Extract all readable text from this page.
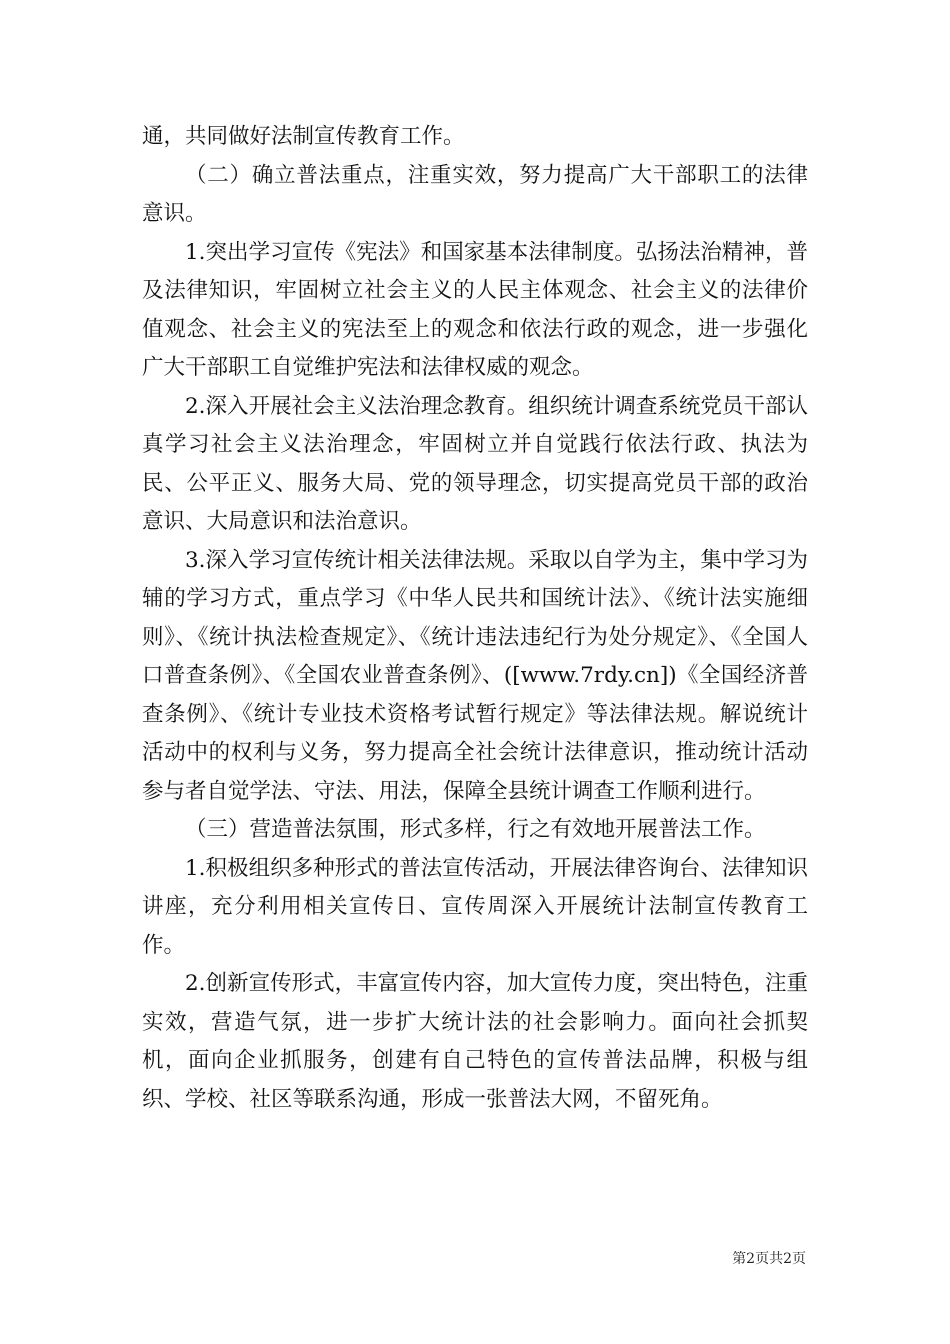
通，共同做好法制宣传教育工作。

（二）确立普法重点，注重实效，努力提高广大干部职工的法律意识。

1.突出学习宣传《宪法》和国家基本法律制度。弘扬法治精神，普及法律知识，牢固树立社会主义的人民主体观念、社会主义的法律价值观念、社会主义的宪法至上的观念和依法行政的观念，进一步强化广大干部职工自觉维护宪法和法律权威的观念。

2.深入开展社会主义法治理念教育。组织统计调查系统党员干部认真学习社会主义法治理念，牢固树立并自觉践行依法行政、执法为民、公平正义、服务大局、党的领导理念，切实提高党员干部的政治意识、大局意识和法治意识。

3.深入学习宣传统计相关法律法规。采取以自学为主，集中学习为辅的学习方式，重点学习《中华人民共和国统计法》、《统计法实施细则》、《统计执法检查规定》、《统计违法违纪行为处分规定》、《全国人口普查条例》、《全国农业普查条例》、([www.7rdy.cn])《全国经济普查条例》、《统计专业技术资格考试暂行规定》等法律法规。解说统计活动中的权利与义务，努力提高全社会统计法律意识，推动统计活动参与者自觉学法、守法、用法，保障全县统计调查工作顺利进行。

（三）营造普法氛围，形式多样，行之有效地开展普法工作。

1.积极组织多种形式的普法宣传活动，开展法律咨询台、法律知识讲座，充分利用相关宣传日、宣传周深入开展统计法制宣传教育工作。

2.创新宣传形式，丰富宣传内容，加大宣传力度，突出特色，注重实效，营造气氛，进一步扩大统计法的社会影响力。面向社会抓契机，面向企业抓服务，创建有自己特色的宣传普法品牌，积极与组织、学校、社区等联系沟通，形成一张普法大网，不留死角。

第2页共2页
